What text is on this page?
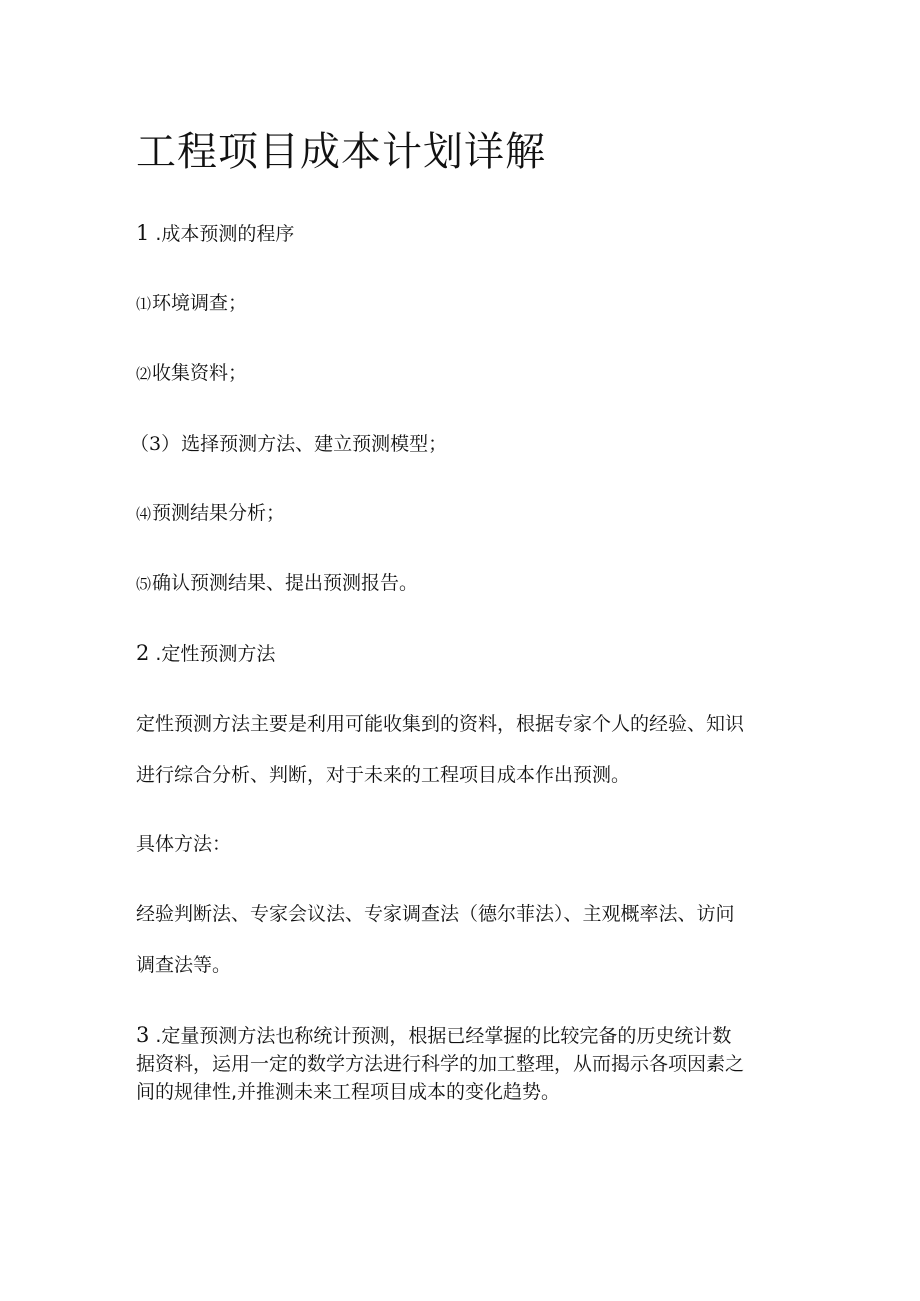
工程项目成本计划详解

1 .成本预测的程序

⑴环境调查；

⑵收集资料；

（3）选择预测方法、建立预测模型；

⑷预测结果分析；

⑸确认预测结果、提出预测报告。

2 .定性预测方法

定性预测方法主要是利用可能收集到的资料，根据专家个人的经验、知识

进行综合分析、判断，对于未来的工程项目成本作出预测。

具体方法：

经验判断法、专家会议法、专家调查法（德尔菲法）、主观概率法、访问

调查法等。

3 .定量预测方法也称统计预测，根据已经掌握的比较完备的历史统计数

据资料，运用一定的数学方法进行科学的加工整理，从而揭示各项因素之

间的规律性,并推测未来工程项目成本的变化趋势。
